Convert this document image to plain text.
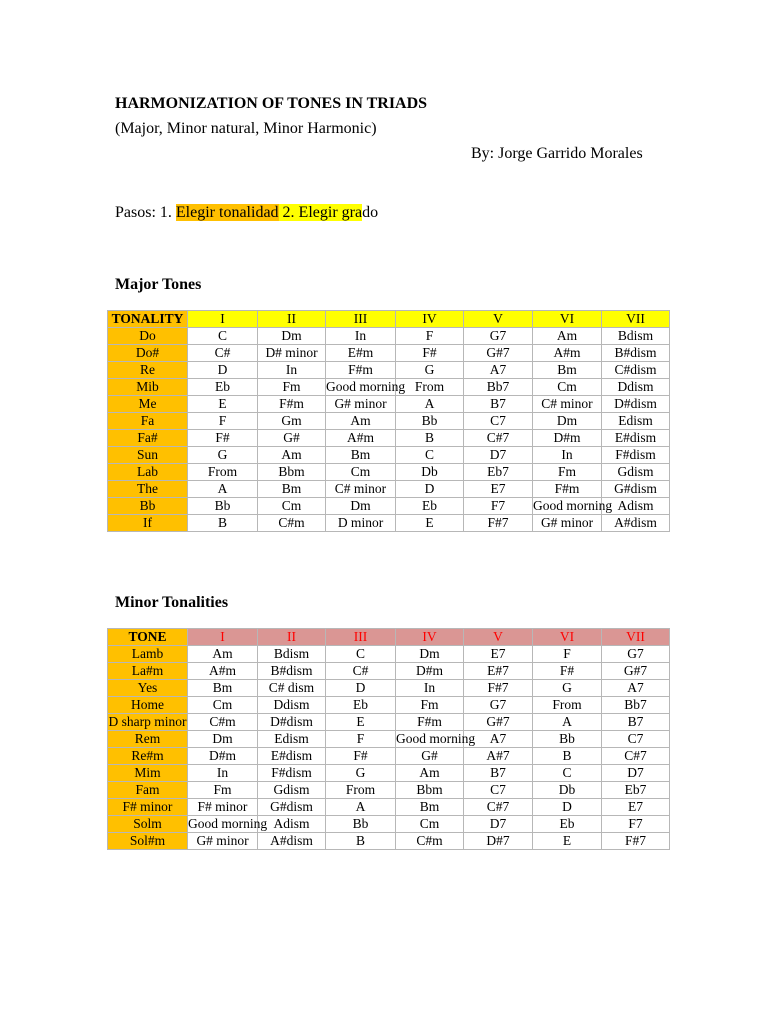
HARMONIZATION OF TONES IN TRIADS
(Major, Minor natural, Minor Harmonic)
By: Jorge Garrido Morales
Pasos: 1. Elegir tonalidad 2. Elegir grado
Major Tones
TONALITY	I	II	III	IV	V	VI	VII
Do	C	Dm	In	F	G7	Am	Bdism
Do#	C#	D# minor	E#m	F#	G#7	A#m	B#dism
Re	D	In	F#m	G	A7	Bm	C#dism
Mib	Eb	Fm	Good morning	From	Bb7	Cm	Ddism
Me	E	F#m	G# minor	A	B7	C# minor	D#dism
Fa	F	Gm	Am	Bb	C7	Dm	Edism
Fa#	F#	G#	A#m	B	C#7	D#m	E#dism
Sun	G	Am	Bm	C	D7	In	F#dism
Lab	From	Bbm	Cm	Db	Eb7	Fm	Gdism
The	A	Bm	C# minor	D	E7	F#m	G#dism
Bb	Bb	Cm	Dm	Eb	F7	Good morning	Adism
If	B	C#m	D minor	E	F#7	G# minor	A#dism
Minor Tonalities
TONE	I	II	III	IV	V	VI	VII
Lamb	Am	Bdism	C	Dm	E7	F	G7
La#m	A#m	B#dism	C#	D#m	E#7	F#	G#7
Yes	Bm	C# dism	D	In	F#7	G	A7
Home	Cm	Ddism	Eb	Fm	G7	From	Bb7
D sharp minor	C#m	D#dism	E	F#m	G#7	A	B7
Rem	Dm	Edism	F	Good morning	A7	Bb	C7
Re#m	D#m	E#dism	F#	G#	A#7	B	C#7
Mim	In	F#dism	G	Am	B7	C	D7
Fam	Fm	Gdism	From	Bbm	C7	Db	Eb7
F# minor	F# minor	G#dism	A	Bm	C#7	D	E7
Solm	Good morning	Adism	Bb	Cm	D7	Eb	F7
Sol#m	G# minor	A#dism	B	C#m	D#7	E	F#7
